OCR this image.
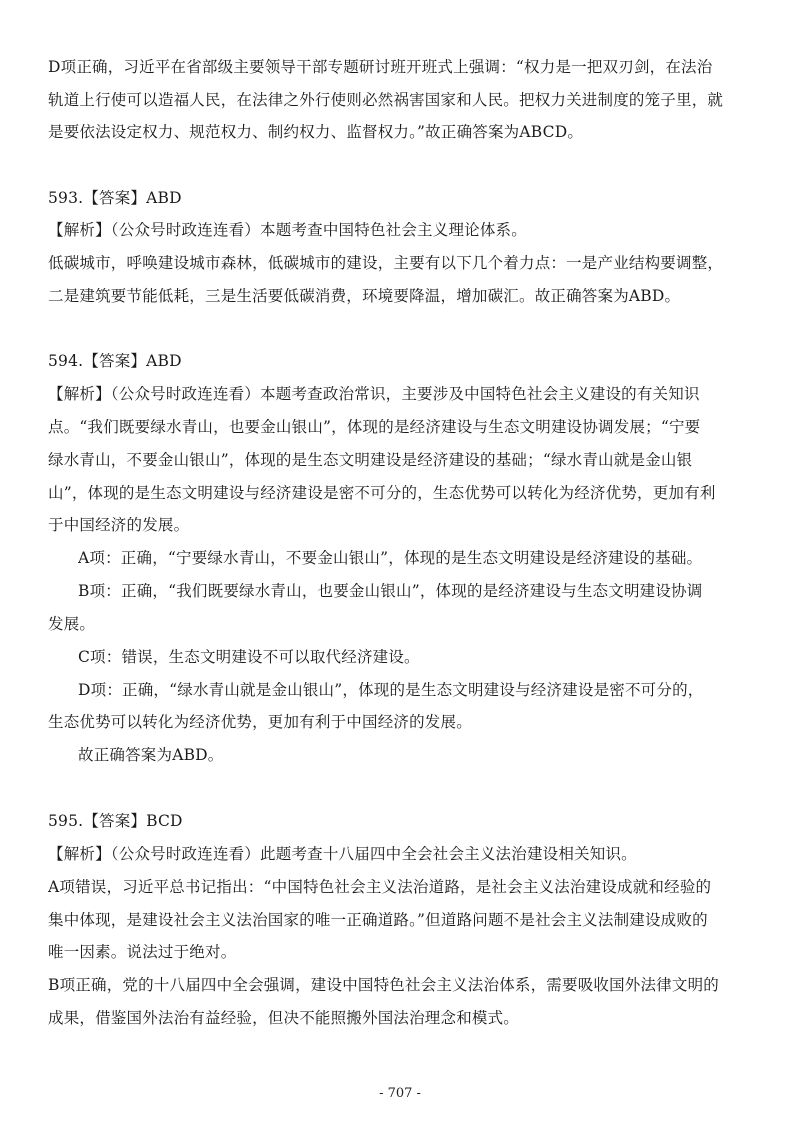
D项正确，习近平在省部级主要领导干部专题研讨班开班式上强调：“权力是一把双刃剑，在法治
轨道上行使可以造福人民，在法律之外行使则必然祸害国家和人民。把权力关进制度的笼子里，就
是要依法设定权力、规范权力、制约权力、监督权力。”故正确答案为ABCD。
593.【答案】ABD
【解析】（公众号时政连连看）本题考查中国特色社会主义理论体系。
低碳城市，呼唤建设城市森林，低碳城市的建设，主要有以下几个着力点：一是产业结构要调整，
二是建筑要节能低耗，三是生活要低碳消费，环境要降温，增加碳汇。故正确答案为ABD。
594.【答案】ABD
【解析】（公众号时政连连看）本题考查政治常识，主要涉及中国特色社会主义建设的有关知识
点。“我们既要绿水青山，也要金山银山”，体现的是经济建设与生态文明建设协调发展；“宁要
绿水青山，不要金山银山”，体现的是生态文明建设是经济建设的基础；“绿水青山就是金山银
山”，体现的是生态文明建设与经济建设是密不可分的，生态优势可以转化为经济优势，更加有利
于中国经济的发展。
A项：正确，“宁要绿水青山，不要金山银山”，体现的是生态文明建设是经济建设的基础。
B项：正确，“我们既要绿水青山，也要金山银山”，体现的是经济建设与生态文明建设协调
发展。
C项：错误，生态文明建设不可以取代经济建设。
D项：正确，“绿水青山就是金山银山”，体现的是生态文明建设与经济建设是密不可分的，
生态优势可以转化为经济优势，更加有利于中国经济的发展。
故正确答案为ABD。
595.【答案】BCD
【解析】（公众号时政连连看）此题考查十八届四中全会社会主义法治建设相关知识。
A项错误，习近平总书记指出：“中国特色社会主义法治道路，是社会主义法治建设成就和经验的
集中体现，是建设社会主义法治国家的唯一正确道路。”但道路问题不是社会主义法制建设成败的
唯一因素。说法过于绝对。
B项正确，党的十八届四中全会强调，建设中国特色社会主义法治体系，需要吸收国外法律文明的
成果，借鉴国外法治有益经验，但决不能照搬外国法治理念和模式。
- 707 -
